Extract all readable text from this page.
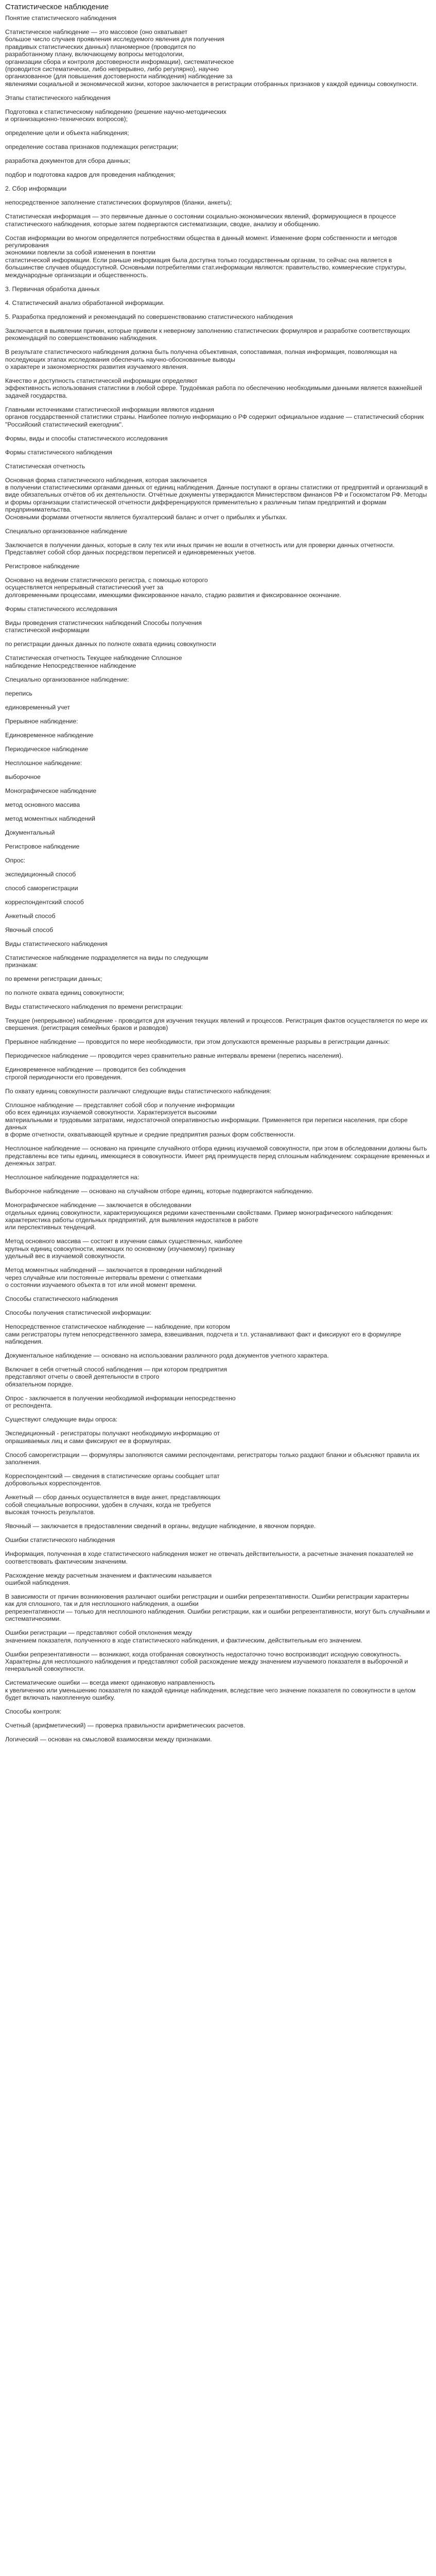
Статистическое наблюдение

Понятие статистического наблюдения

Статистическое наблюдение — это массовое (оно охватывает
большое число случаев проявления исследуемого явления для получения
правдивых статистических данных) планомерное (проводится по
разработанному плану, включающему вопросы методологии,
организации сбора и контроля достоверности информации), систематическое
(проводится систематически, либо непрерывно, либо регулярно), научно
организованное (для повышения достоверности наблюдения) наблюдение за
явлениями социальной и экономической жизни, которое заключается в регистрации отобранных признаков у каждой единицы совокупности.

Этапы статистического наблюдения

Подготовка к статистическому наблюдению (решение научно-методических
и организационно-технических вопросов);

определение цели и объекта наблюдения;

определение состава признаков подлежащих регистрации;

разработка документов для сбора данных;

подбор и подготовка кадров для проведения наблюдения;

2. Сбор информации

непосредственное заполнение статистических формуляров (бланки, анкеты);

Статистическая информация — это первичные данные о состоянии социально-экономических явлений, формирующиеся в процессе
статистического наблюдения, которые затем подвергаются систематизации, сводке, анализу и обобщению.

Состав информации во многом определяется потребностями общества в данный момент. Изменение форм собственности и методов регулирования
экономики повлекли за собой изменения в понятии
статистической информации. Если раньше информация была доступна только государственным органам, то сейчас она является в большинстве случаев общедоступной. Основными потребителями стат.информации являются: правительство, коммерческие структуры, международные организации и общественность.

3. Первичная обработка данных

4. Статистический анализ обработанной информации.

5. Разработка предложений и рекомендаций по совершенствованию статистического наблюдения

Заключается в выявлении причин, которые привели к неверному заполнению статистических формуляров и разработке соответствующих рекомендаций по совершенствованию наблюдения.

В результате статистического наблюдения должна быть получена объективная, сопоставимая, полная информация, позволяющая на последующих этапах исследования обеспечить научно-обоснованные выводы
о характере и закономерностях развития изучаемого явления.

Качество и доступность статистической информации определяют
эффективность использования статистики в любой сфере. Трудоёмкая работа по обеспечению необходимыми данными является важнейшей задачей государства.

Главными источниками статистической информации являются издания
органов государственной статистики страны. Наиболее полную информацию о РФ содержит официальное издание — статистический сборник "Российский статистический ежегодник".

Формы, виды и способы статистического исследования

Формы статистического наблюдения

Статистическая отчетность

Основная форма статистического наблюдения, которая заключается
в получении статистическими органами данных от единиц наблюдения. Данные поступают в органы статистики от предприятий и организаций в виде обязательных отчётов об их деятельности. Отчётные документы утверждаются Министерством финансов РФ и Госкомстатом РФ. Методы и формы организации статистической отчетности дифференцируются применительно к различным типам предприятий и формам предпринимательства.
Основными формами отчетности является бухгалтерский баланс и отчет о прибылях и убытках.

Специально организованное наблюдение

Заключается в получении данных, которые в силу тех или иных причин не вошли в отчетность или для проверки данных отчетности. Представляет собой сбор данных посредством переписей и единовременных учетов.

Регистровое наблюдение

Основано на ведении статистического регистра, с помощью которого
осуществляется непрерывный статистический учет за
долговременными процессами, имеющими фиксированное начало, стадию развития и фиксированное окончание.

Формы статистического исследования

Виды проведения статистических наблюдений Способы получения
статистической информации

по регистрации данных данных по полноте охвата единиц совокупности

Статистическая отчетность Текущее наблюдение Сплошное
наблюдение Непосредственное наблюдение

Специально организованное наблюдение:

перепись

единовременный учет

Прерывное наблюдение:

Единовременное наблюдение

Периодическое наблюдение

Несплошное наблюдение:

выборочное

Монографическое наблюдение

метод основного массива

метод моментных наблюдений

Документальный

Регистровое наблюдение

Опрос:

экспедиционный способ

способ саморегистрации

корреспондентский способ

Анкетный способ

Явочный способ

Виды статистического наблюдения

Статистическое наблюдение подразделяется на виды по следующим
признакам:

по времени регистрации данных;

по полноте охвата единиц совокупности;

Виды статистического наблюдения по времени регистрации:

Текущее (непрерывное) наблюдение - проводится для изучения текущих явлений и процессов. Регистрация фактов осуществляется по мере их свершения. (регистрация семейных браков и разводов)

Прерывное наблюдение — проводится по мере необходимости, при этом допускаются временные разрывы в регистрации данных:

Периодическое наблюдение — проводится через сравнительно равные интервалы времени (перепись населения).

Единовременное наблюдение — проводится без соблюдения
строгой периодичности его проведения.

По охвату единиц совокупности различают следующие виды статистического наблюдения:

Сплошное наблюдение — представляет собой сбор и получение информации
обо всех единицах изучаемой совокупности. Характеризуется высокими
материальными и трудовыми затратами, недостаточной оперативностью информации. Применяется при переписи населения, при сборе данных
в форме отчетности, охватывающей крупные и средние предприятия разных форм собственности.

Несплошное наблюдение — основано на принципе случайного отбора единиц изучаемой совокупности, при этом в обследовании должны быть
представлены все типы единиц, имеющиеся в совокупности. Имеет ряд преимуществ перед сплошным наблюдением: сокращение временных и денежных затрат.

Несплошное наблюдение подразделяется на:

Выборочное наблюдение — основано на случайном отборе единиц, которые подвергаются наблюдению.

Монографическое наблюдение — заключается в обследовании
отдельных единиц совокупности, характеризующихся редкими качественными свойствами. Пример монографического наблюдения: характеристика работы отдельных предприятий, для выявления недостатков в работе
или перспективных тенденций.

Метод основного массива — состоит в изучении самых существенных, наиболее
крупных единиц совокупности, имеющих по основному (изучаемому) признаку
удельный вес в изучаемой совокупности.

Метод моментных наблюдений — заключается в проведении наблюдений
через случайные или постоянные интервалы времени с отметками
о состоянии изучаемого объекта в тот или иной момент времени.

Способы статистического наблюдения

Способы получения статистической информации:

Непосредственное статистическое наблюдение — наблюдение, при котором
сами регистраторы путем непосредственного замера, взвешивания, подсчета и т.п. устанавливают факт и фиксируют его в формуляре наблюдения.

Документальное наблюдение — основано на использовании различного рода документов учетного характера.

Включает в себя отчетный способ наблюдения — при котором предприятия
представляют отчеты о своей деятельности в строго
обязательном порядке.

Опрос - заключается в получении необходимой информации непосредственно
от респондента.

Существуют следующие виды опроса:

Экспедиционный - регистраторы получают необходимую информацию от
опрашиваемых лиц и сами фиксируют ее в формулярах.

Способ саморегистрации — формуляры заполняются самими респондентами, регистраторы только раздают бланки и объясняют правила их заполнения.

Корреспондентский — сведения в статистические органы сообщает штат
добровольных корреспондентов.

Анкетный — сбор данных осуществляется в виде анкет, представляющих
собой специальные вопросники, удобен в случаях, когда не требуется
высокая точность результатов.

Явочный — заключается в предоставлении сведений в органы, ведущие наблюдение, в явочном порядке.

Ошибки статистического наблюдения

Информация, полученная в ходе статистического наблюдения может не отвечать действительности, а расчетные значения показателей не соответствовать фактическим значениям.

Расхождение между расчетным значением и фактическим называется
ошибкой наблюдения.

В зависимости от причин возникновения различают ошибки регистрации и ошибки репрезентативности. Ошибки регистрации характерны
как для сплошного, так и для несплошного наблюдения, а ошибки
репрезентативности — только для несплошного наблюдения. Ошибки регистрации, как и ошибки репрезентативности, могут быть случайными и систематическими.

Ошибки регистрации — представляют собой отклонения между
значением показателя, полученного в ходе статистического наблюдения, и фактическим, действительным его значением.

Ошибки репрезентативности — возникают, когда отобранная совокупность недостаточно точно воспроизводит исходную совокупность. Характерны для несплошного наблюдения и представляют собой расхождение между значением изучаемого показателя в выборочной и генеральной совокупности.

Систематические ошибки — всегда имеют одинаковую направленность
к увеличению или уменьшению показателя по каждой единице наблюдения, вследствие чего значение показателя по совокупности в целом будет включать накопленную ошибку.

Способы контроля:

Счетный (арифметический) — проверка правильности арифметических расчетов.

Логический — основан на смысловой взаимосвязи между признаками.
